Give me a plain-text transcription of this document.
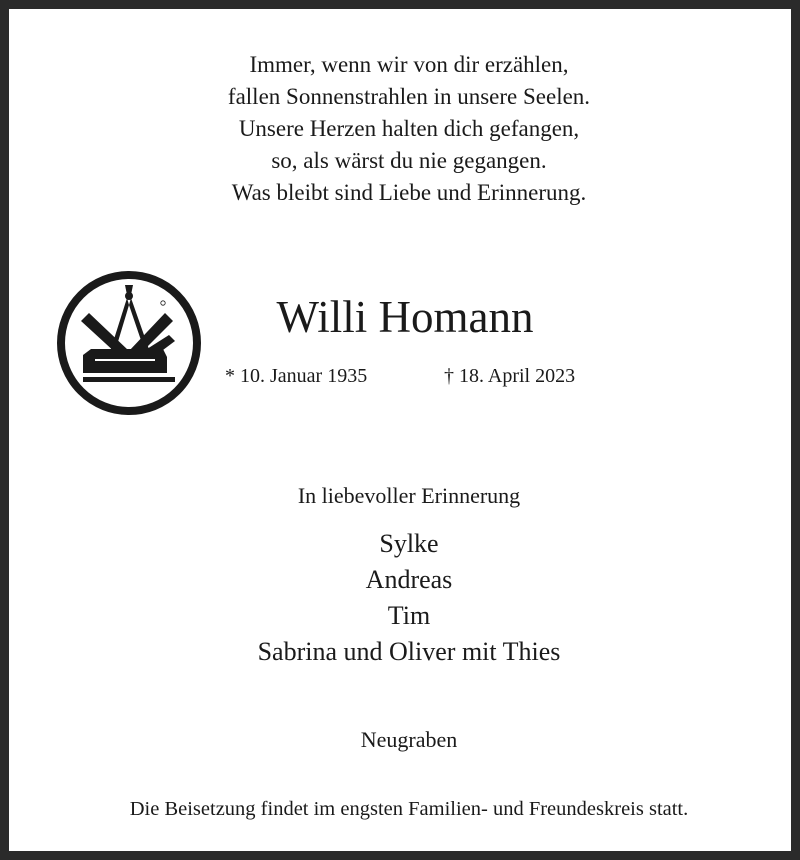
Immer, wenn wir von dir erzählen,
fallen Sonnenstrahlen in unsere Seelen.
Unsere Herzen halten dich gefangen,
so, als wärst du nie gegangen.
Was bleibt sind Liebe und Erinnerung.
Willi Homann
* 10. Januar 1935	† 18. April 2023
In liebevoller Erinnerung
Sylke
Andreas
Tim
Sabrina und Oliver mit Thies
Neugraben
Die Beisetzung findet im engsten Familien- und Freundeskreis statt.
